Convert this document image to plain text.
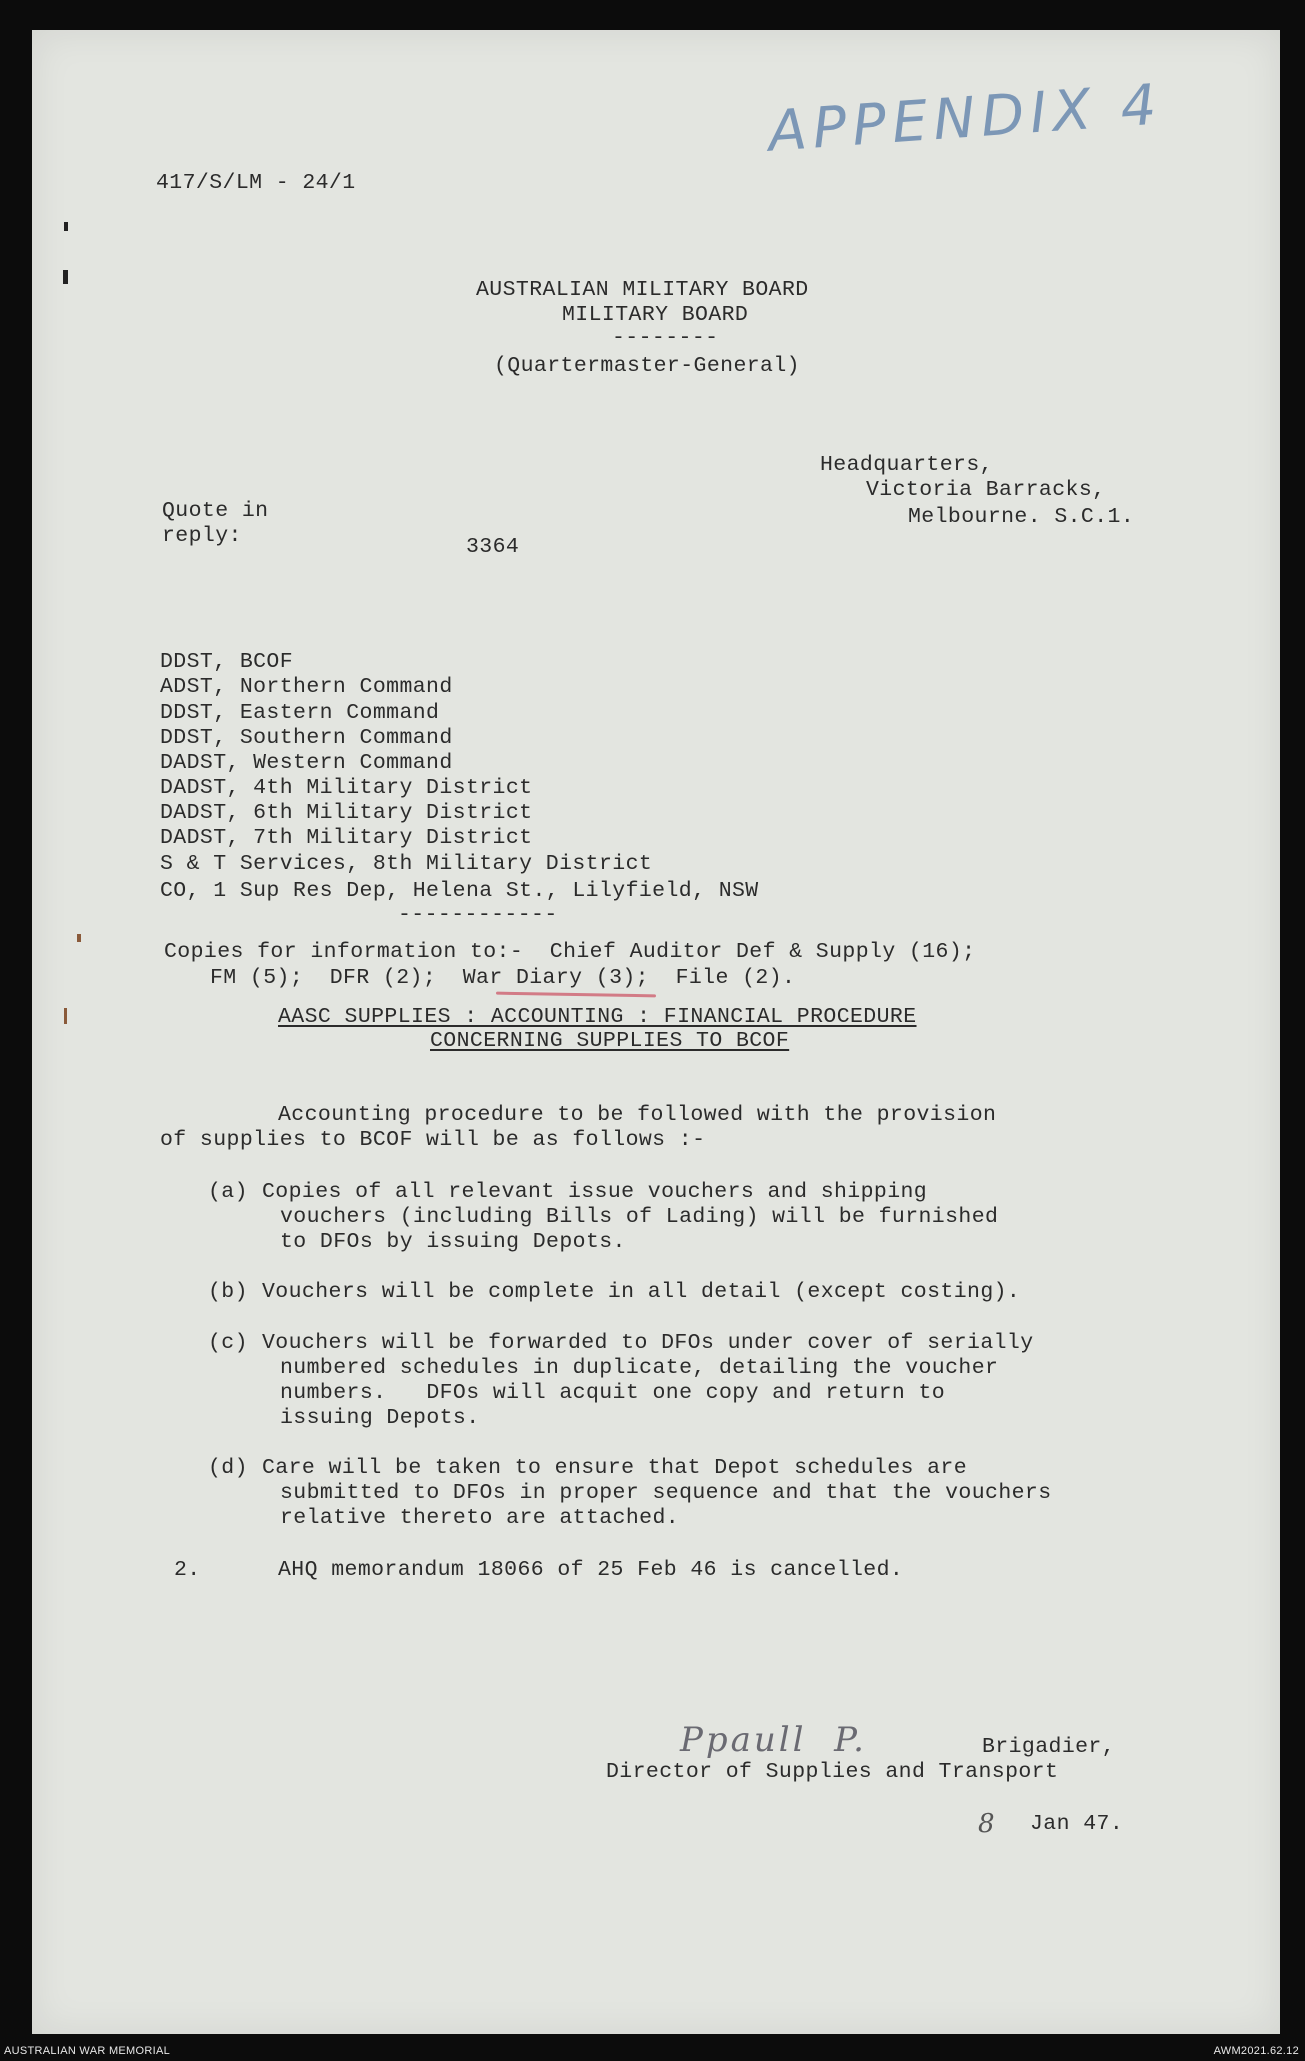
APPENDIX 4
417/S/LM - 24/1
AUSTRALIAN MILITARY BOARD
MILITARY BOARD
--------
(Quartermaster-General)
Headquarters,
Victoria Barracks,
Melbourne. S.C.1.
Quote in
reply:	3364
DDST, BCOF
ADST, Northern Command
DDST, Eastern Command
DDST, Southern Command
DADST, Western Command
DADST, 4th Military District
DADST, 6th Military District
DADST, 7th Military District
S & T Services, 8th Military District
CO, 1 Sup Res Dep, Helena St., Lilyfield, NSW
------------
Copies for information to:-  Chief Auditor Def & Supply (16);
FM (5);  DFR (2);  War Diary (3);  File (2).
AASC SUPPLIES : ACCOUNTING : FINANCIAL PROCEDURE
CONCERNING SUPPLIES TO BCOF
Accounting procedure to be followed with the provision
of supplies to BCOF will be as follows :-
(a) Copies of all relevant issue vouchers and shipping
vouchers (including Bills of Lading) will be furnished
to DFOs by issuing Depots.
(b) Vouchers will be complete in all detail (except costing).
(c) Vouchers will be forwarded to DFOs under cover of serially
numbered schedules in duplicate, detailing the voucher
numbers.   DFOs will acquit one copy and return to
issuing Depots.
(d) Care will be taken to ensure that Depot schedules are
submitted to DFOs in proper sequence and that the vouchers
relative thereto are attached.
2.	AHQ memorandum 18066 of 25 Feb 46 is cancelled.
Ppaull  P.	Brigadier,
Director of Supplies and Transport
8 Jan 47.
AUSTRALIAN WAR MEMORIAL	AWM2021.62.12
